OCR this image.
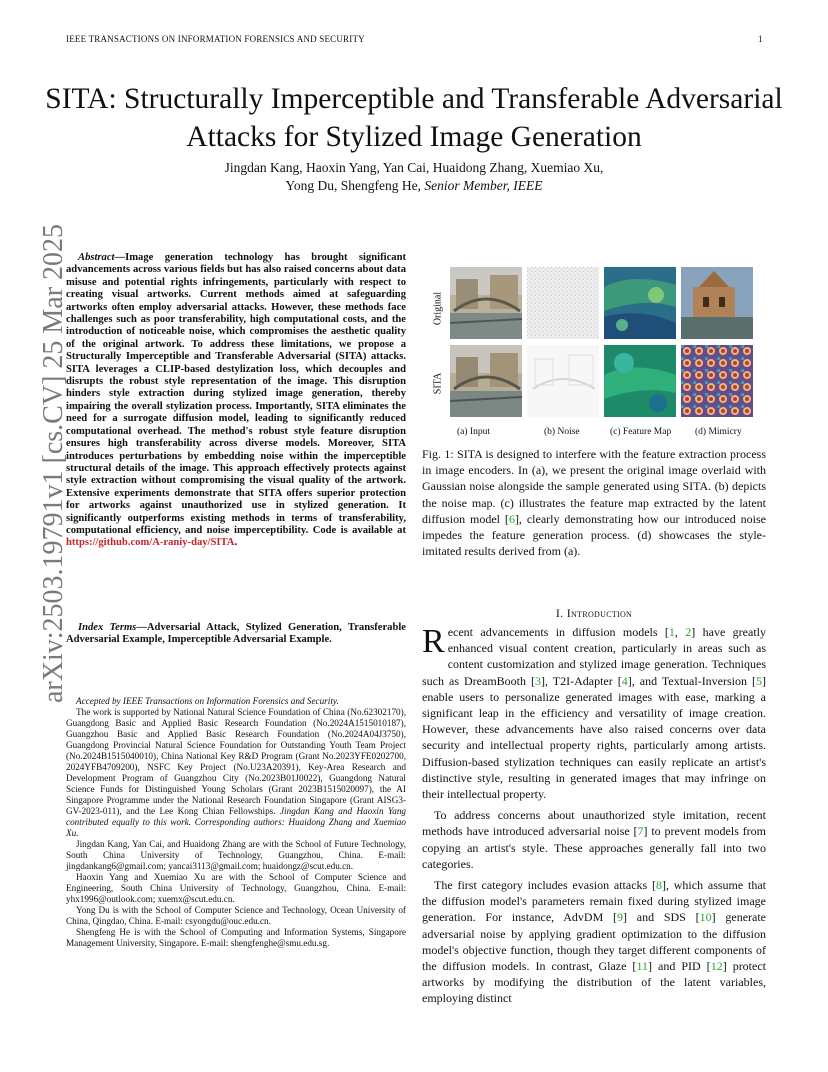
IEEE TRANSACTIONS ON INFORMATION FORENSICS AND SECURITY	1
SITA: Structurally Imperceptible and Transferable Adversarial Attacks for Stylized Image Generation
Jingdan Kang, Haoxin Yang, Yan Cai, Huaidong Zhang, Xuemiao Xu,
Yong Du, Shengfeng He, Senior Member, IEEE
arXiv:2503.19791v1 [cs.CV] 25 Mar 2025 Abstract—Image generation technology has brought significant advancements across various fields but has also raised concerns about data misuse and potential rights infringements, particularly with respect to creating visual artworks. Current methods aimed at safeguarding artworks often employ adversarial attacks. However, these methods face challenges such as poor transferability, high computational costs, and the introduction of noticeable noise, which compromises the aesthetic quality of the original artwork. To address these limitations, we propose a Structurally Imperceptible and Transferable Adversarial (SITA) attacks. SITA leverages a CLIP-based destylization loss, which decouples and disrupts the robust style representation of the image. This disruption hinders style extraction during stylized image generation, thereby impairing the overall stylization process. Importantly, SITA eliminates the need for a surrogate diffusion model, leading to significantly reduced computational overhead. The method's robust style feature disruption ensures high transferability across diverse models. Moreover, SITA introduces perturbations by embedding noise within the imperceptible structural details of the image. This approach effectively protects against style extraction without compromising the visual quality of the artwork. Extensive experiments demonstrate that SITA offers superior protection for artworks against unauthorized use in stylized generation. It significantly outperforms existing methods in terms of transferability, computational efficiency, and noise imperceptibility. Code is available at https://github.com/A-raniy-day/SITA.

Index Terms—Adversarial Attack, Stylized Generation, Transferable Adversarial Example, Imperceptible Adversarial Example.

Accepted by IEEE Transactions on Information Forensics and Security.

The work is supported by National Natural Science Foundation of China (No.62302170), Guangdong Basic and Applied Basic Research Foundation (No.2024A1515010187), Guangzhou Basic and Applied Basic Research Foundation (No.2024A04J3750), Guangdong Provincial Natural Science Foundation for Outstanding Youth Team Project (No.2024B1515040010), China National Key R&D Program (Grant No.2023YFE0202700, 2024YFB4709200), NSFC Key Project (No.U23A20391), Key-Area Research and Development Program of Guangzhou City (No.2023B01J0022), Guangdong Natural Science Funds for Distinguished Young Scholars (Grant 2023B1515020097), the AI Singapore Programme under the National Research Foundation Singapore (Grant AISG3-GV-2023-011), and the Lee Kong Chian Fellowships. Jingdan Kang and Haoxin Yang contributed equally to this work. Corresponding authors: Huaidong Zhang and Xuemiao Xu.

Jingdan Kang, Yan Cai, and Huaidong Zhang are with the School of Future Technology, South China University of Technology, Guangzhou, China. E-mail: jingdankang6@gmail.com; yancai3113@gmail.com; huaidongz@scut.edu.cn.

Haoxin Yang and Xuemiao Xu are with the School of Computer Science and Engineering, South China University of Technology, Guangzhou, China. E-mail: yhx1996@outlook.com; xuemx@scut.edu.cn.

Yong Du is with the School of Computer Science and Technology, Ocean University of China, Qingdao, China. E-mail: csyongdu@ouc.edu.cn.

Shengfeng He is with the School of Computing and Information Systems, Singapore Management University, Singapore. E-mail: shengfenghe@smu.edu.sg.

Original
SITA
(a) Input	(b) Noise	(c) Feature Map	(d) Mimicry

Fig. 1: SITA is designed to interfere with the feature extraction process in image encoders. In (a), we present the original image overlaid with Gaussian noise alongside the sample generated using SITA. (b) depicts the noise map. (c) illustrates the feature map extracted by the latent diffusion model [6], clearly demonstrating how our introduced noise impedes the feature generation process. (d) showcases the style-imitated results derived from (a).

I. Introduction

Recent advancements in diffusion models [1, 2] have greatly enhanced visual content creation, particularly in areas such as content customization and stylized image generation. Techniques such as DreamBooth [3], T2I-Adapter [4], and Textual-Inversion [5] enable users to personalize generated images with ease, marking a significant leap in the efficiency and versatility of image creation. However, these advancements have also raised concerns over data security and intellectual property rights, particularly among artists. Diffusion-based stylization techniques can easily replicate an artist's distinctive style, resulting in generated images that may infringe on their intellectual property.

To address concerns about unauthorized style imitation, recent methods have introduced adversarial noise [7] to prevent models from copying an artist's style. These approaches generally fall into two categories.

The first category includes evasion attacks [8], which assume that the diffusion model's parameters remain fixed during stylized image generation. For instance, AdvDM [9] and SDS [10] generate adversarial noise by applying gradient optimization to the diffusion model's objective function, though they target different components of the diffusion models. In contrast, Glaze [11] and PID [12] protect artworks by modifying the distribution of the latent variables, employing distinct
